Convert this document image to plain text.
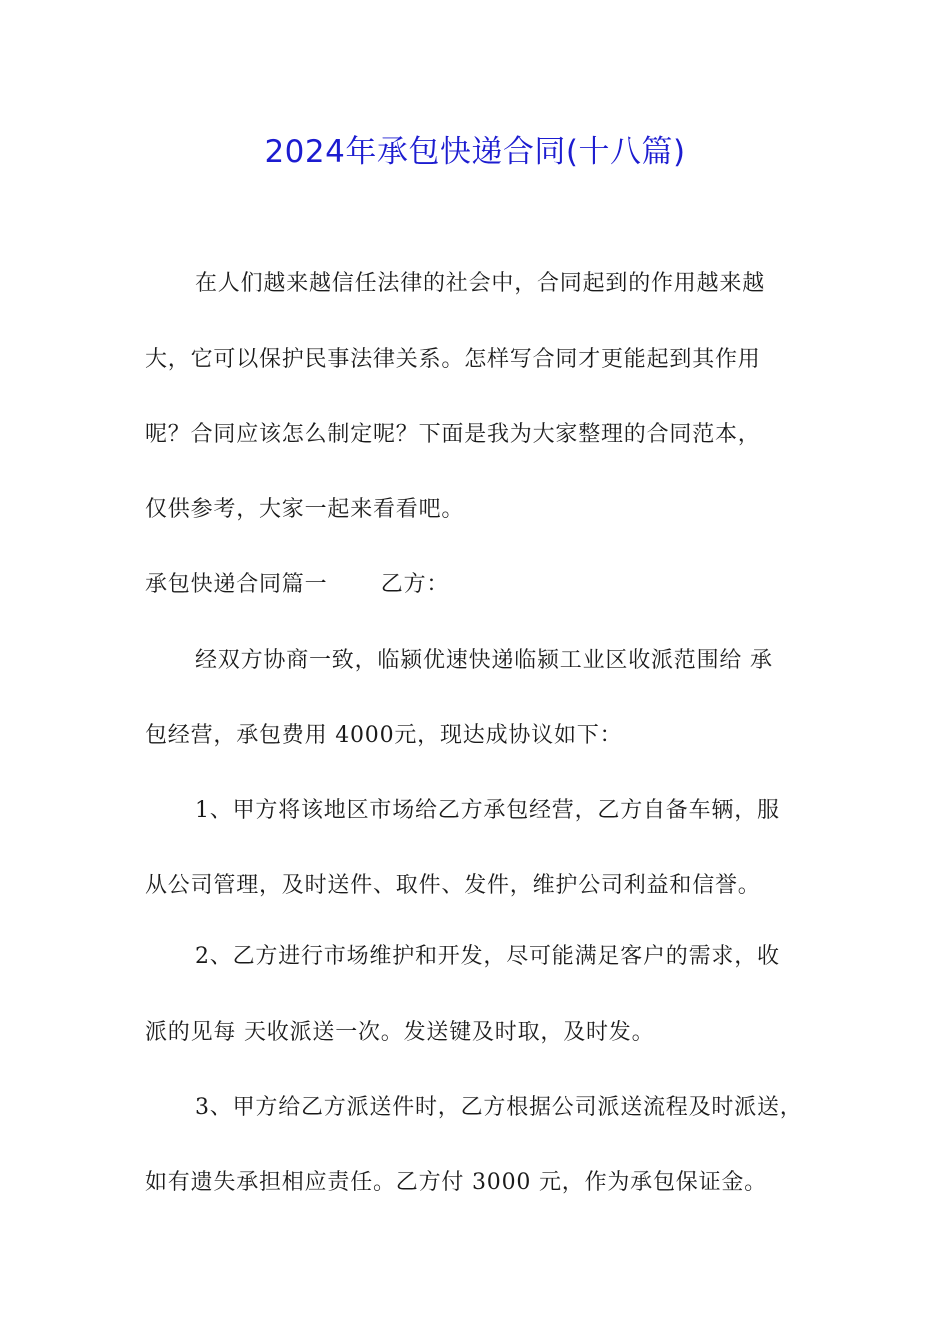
2024年承包快递合同(十八篇)

在人们越来越信任法律的社会中，合同起到的作用越来越

大，它可以保护民事法律关系。怎样写合同才更能起到其作用

呢？合同应该怎么制定呢？下面是我为大家整理的合同范本，

仅供参考，大家一起来看看吧。

承包快递合同篇一　　 乙方：

经双方协商一致，临颍优速快递临颍工业区收派范围给 承

包经营，承包费用 4000元，现达成协议如下：

1、甲方将该地区市场给乙方承包经营，乙方自备车辆，服

从公司管理，及时送件、取件、发件，维护公司利益和信誉。

2、乙方进行市场维护和开发，尽可能满足客户的需求，收

派的见每 天收派送一次。发送键及时取，及时发。

3、甲方给乙方派送件时，乙方根据公司派送流程及时派送，

如有遗失承担相应责任。乙方付 3000 元，作为承包保证金。
